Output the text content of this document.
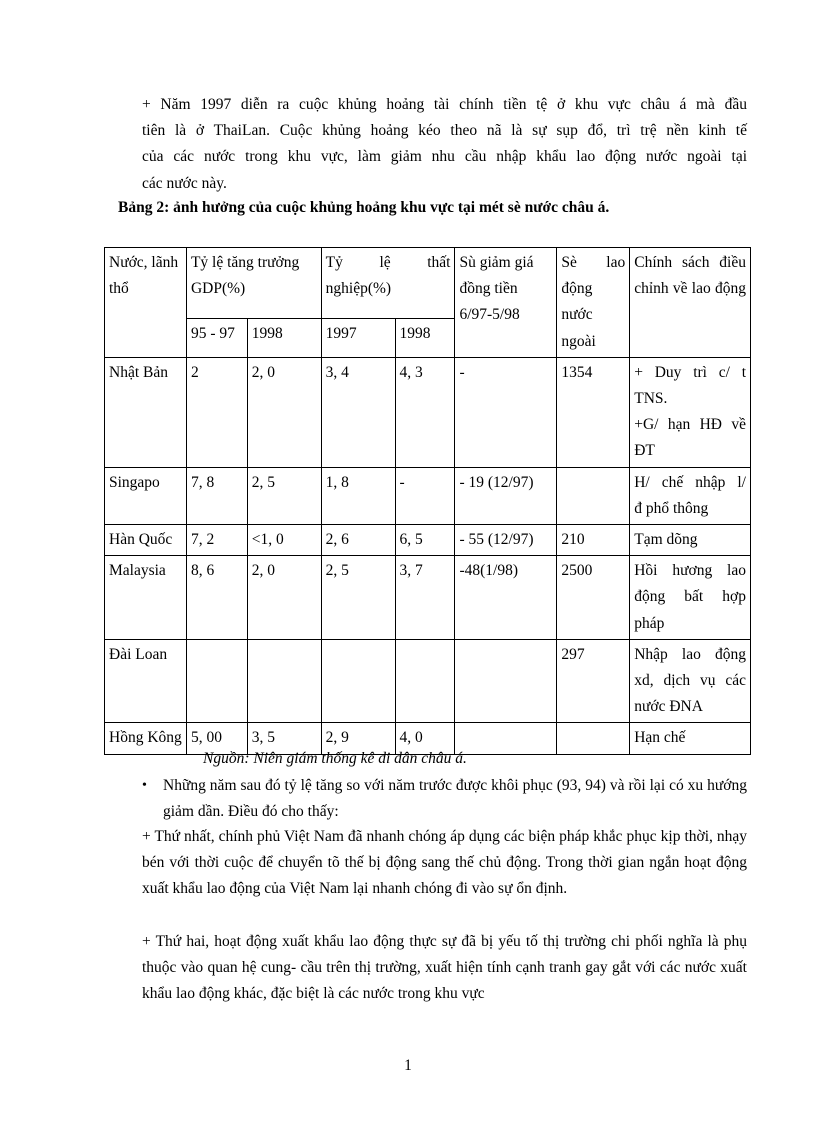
+ Năm 1997 diễn ra cuộc khủng hoảng tài chính tiền tệ ở khu vực châu á mà đầu
tiên là ở ThaiLan. Cuộc khủng hoảng kéo theo nã là sự sụp đổ, trì trệ nền kinh tế
của các nước trong khu vực, làm giảm nhu cầu nhập khẩu lao động nước ngoài tại
các nước này.
Bảng 2: ảnh hưởng của cuộc khủng hoảng khu vực tại mét sè nước châu á.
Nước, lãnh thổ	Tỷ lệ tăng trưởng GDP(%)		Tỷ lệ thất nghiệp(%)		Sù giảm giá đồng tiền 6/97-5/98	Sè lao động nước ngoài	Chính sách điều chỉnh về lao động
	95 - 97	1998	1997	1998			
Nhật Bản	2	2, 0	3, 4	4, 3	-	1354	+ Duy trì c/ t
TNS.
+G/ hạn HĐ về
ĐT

Singapo	7, 8	2, 5	1, 8	-	- 19 (12/97)		H/ chế nhập l/
đ phổ thông

Hàn Quốc	7, 2	<1, 0	2, 6	6, 5	- 55 (12/97)	210	Tạm dõng

Malaysia	8, 6	2, 0	2, 5	3, 7	-48(1/98)	2500	Hồi hương lao
động bất hợp
pháp

Đài Loan						297	Nhập lao động
xd, dịch vụ các
nước ĐNA

Hồng Kông	5, 00	3, 5	2, 9	4, 0			Hạn chế
Nguồn: Niên giám thống kê di dân châu á.
• Những năm sau đó tỷ lệ tăng so với năm trước được khôi phục (93, 94) và rồi lại có xu hướng giảm dần. Điều đó cho thấy:
+ Thứ nhất, chính phủ Việt Nam đã nhanh chóng áp dụng các biện pháp khắc phục kịp thời, nhạy bén với thời cuộc để chuyển tõ thế bị động sang thế chủ động. Trong thời gian ngắn hoạt động xuất khẩu lao động của Việt Nam lại nhanh chóng đi vào sự ổn định.
+ Thứ hai, hoạt động xuất khẩu lao động thực sự đã bị yếu tố thị trường chi phối nghĩa là phụ thuộc vào quan hệ cung- cầu trên thị trường, xuất hiện tính cạnh tranh gay gắt với các nước xuất khẩu lao động khác, đặc biệt là các nước trong khu vực
1
